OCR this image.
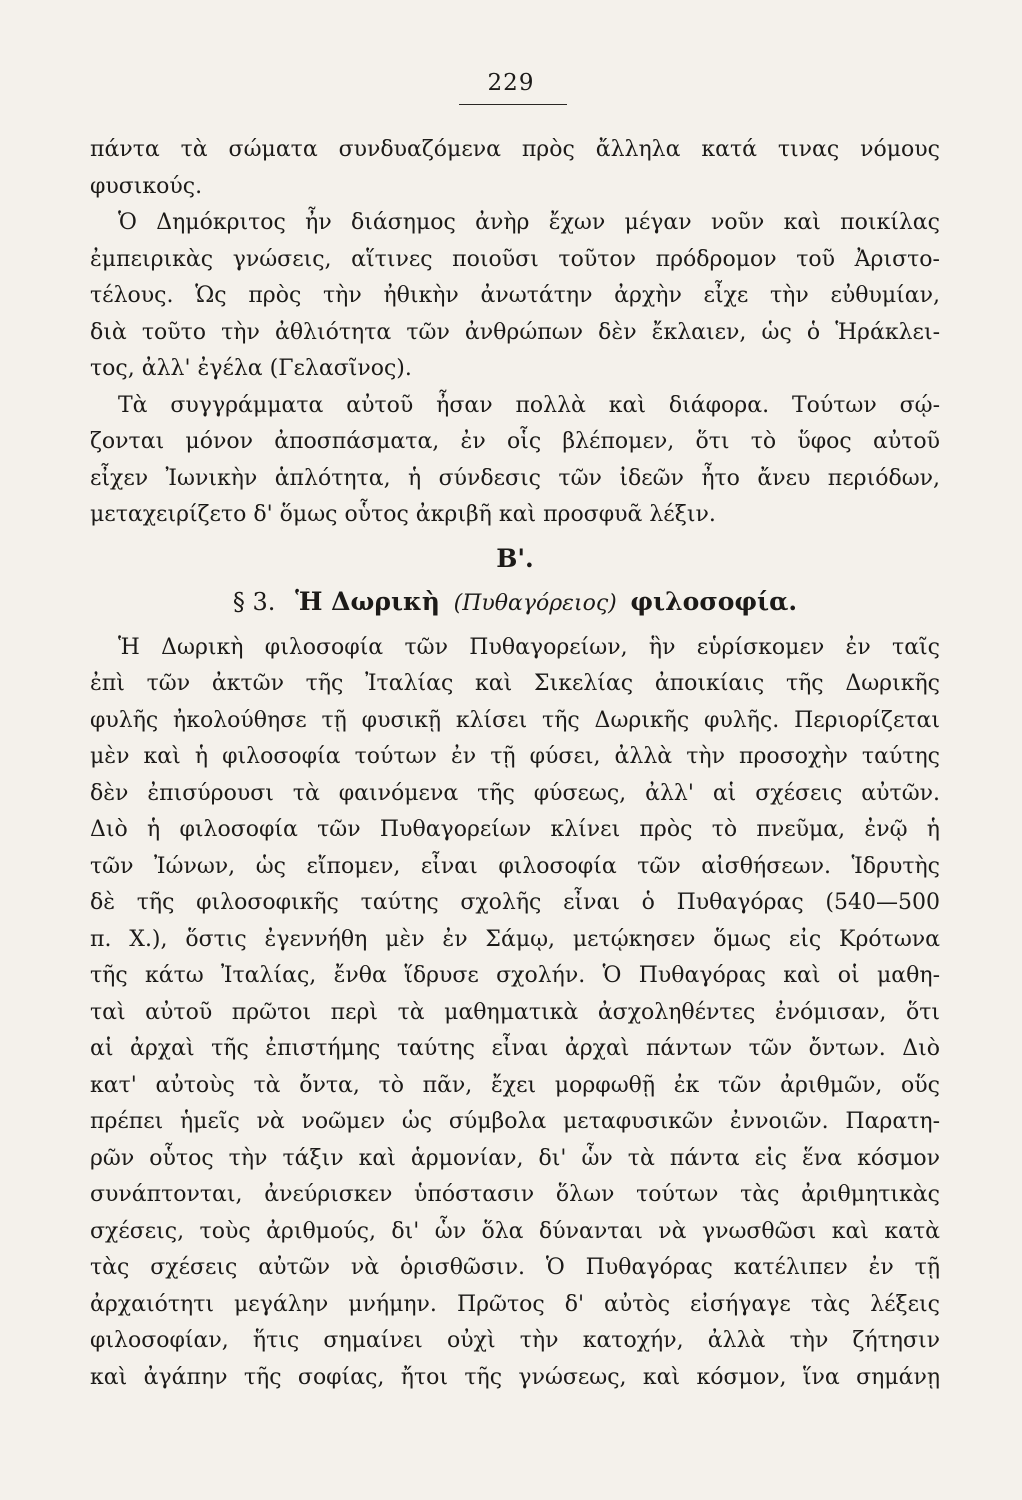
229
πάντα τὰ σώματα συνδυαζόμενα πρὸς ἄλληλα κατά τινας νόμους
φυσικούς.
Ὁ Δημόκριτος ἦν διάσημος ἀνὴρ ἔχων μέγαν νοῦν καὶ ποικίλας
ἐμπειρικὰς γνώσεις, αἵτινες ποιοῦσι τοῦτον πρόδρομον τοῦ Ἀριστο-
τέλους. Ὡς πρὸς τὴν ἠθικὴν ἀνωτάτην ἀρχὴν εἶχε τὴν εὐθυμίαν,
διὰ τοῦτο τὴν ἀθλιότητα τῶν ἀνθρώπων δὲν ἔκλαιεν, ὡς ὁ Ἡράκλει-
τος, ἀλλ' ἐγέλα (Γελασῖνος).
Τὰ συγγράμματα αὐτοῦ ἦσαν πολλὰ καὶ διάφορα. Τούτων σῴ-
ζονται μόνον ἀποσπάσματα, ἐν οἷς βλέπομεν, ὅτι τὸ ὕφος αὐτοῦ
εἶχεν Ἰωνικὴν ἁπλότητα, ἡ σύνδεσις τῶν ἰδεῶν ἦτο ἄνευ περιόδων,
μεταχειρίζετο δ' ὅμως οὗτος ἀκριβῆ καὶ προσφυᾶ λέξιν.
Β'.
§ 3. Ἡ Δωρικὴ (Πυθαγόρειος) φιλοσοφία.
Ἡ Δωρικὴ φιλοσοφία τῶν Πυθαγορείων, ἣν εὑρίσκομεν ἐν ταῖς
ἐπὶ τῶν ἀκτῶν τῆς Ἰταλίας καὶ Σικελίας ἀποικίαις τῆς Δωρικῆς
φυλῆς ἠκολούθησε τῇ φυσικῇ κλίσει τῆς Δωρικῆς φυλῆς. Περιορίζεται
μὲν καὶ ἡ φιλοσοφία τούτων ἐν τῇ φύσει, ἀλλὰ τὴν προσοχὴν ταύτης
δὲν ἐπισύρουσι τὰ φαινόμενα τῆς φύσεως, ἀλλ' αἱ σχέσεις αὐτῶν.
Διὸ ἡ φιλοσοφία τῶν Πυθαγορείων κλίνει πρὸς τὸ πνεῦμα, ἐνῷ ἡ
τῶν Ἰώνων, ὡς εἴπομεν, εἶναι φιλοσοφία τῶν αἰσθήσεων. Ἱδρυτὴς
δὲ τῆς φιλοσοφικῆς ταύτης σχολῆς εἶναι ὁ Πυθαγόρας (540—500
π. Χ.), ὅστις ἐγεννήθη μὲν ἐν Σάμῳ, μετῴκησεν ὅμως εἰς Κρότωνα
τῆς κάτω Ἰταλίας, ἔνθα ἵδρυσε σχολήν. Ὁ Πυθαγόρας καὶ οἱ μαθη-
ταὶ αὐτοῦ πρῶτοι περὶ τὰ μαθηματικὰ ἀσχοληθέντες ἐνόμισαν, ὅτι
αἱ ἀρχαὶ τῆς ἐπιστήμης ταύτης εἶναι ἀρχαὶ πάντων τῶν ὄντων. Διὸ
κατ' αὐτοὺς τὰ ὄντα, τὸ πᾶν, ἔχει μορφωθῇ ἐκ τῶν ἀριθμῶν, οὕς
πρέπει ἡμεῖς νὰ νοῶμεν ὡς σύμβολα μεταφυσικῶν ἐννοιῶν. Παρατη-
ρῶν οὗτος τὴν τάξιν καὶ ἁρμονίαν, δι' ὧν τὰ πάντα εἰς ἕνα κόσμον
συνάπτονται, ἀνεύρισκεν ὑπόστασιν ὅλων τούτων τὰς ἀριθμητικὰς
σχέσεις, τοὺς ἀριθμούς, δι' ὧν ὅλα δύνανται νὰ γνωσθῶσι καὶ κατὰ
τὰς σχέσεις αὐτῶν νὰ ὁρισθῶσιν. Ὁ Πυθαγόρας κατέλιπεν ἐν τῇ
ἀρχαιότητι μεγάλην μνήμην. Πρῶτος δ' αὐτὸς εἰσήγαγε τὰς λέξεις
φιλοσοφίαν, ἥτις σημαίνει οὐχὶ τὴν κατοχήν, ἀλλὰ τὴν ζήτησιν
καὶ ἀγάπην τῆς σοφίας, ἤτοι τῆς γνώσεως, καὶ κόσμον, ἵνα σημάνῃ
